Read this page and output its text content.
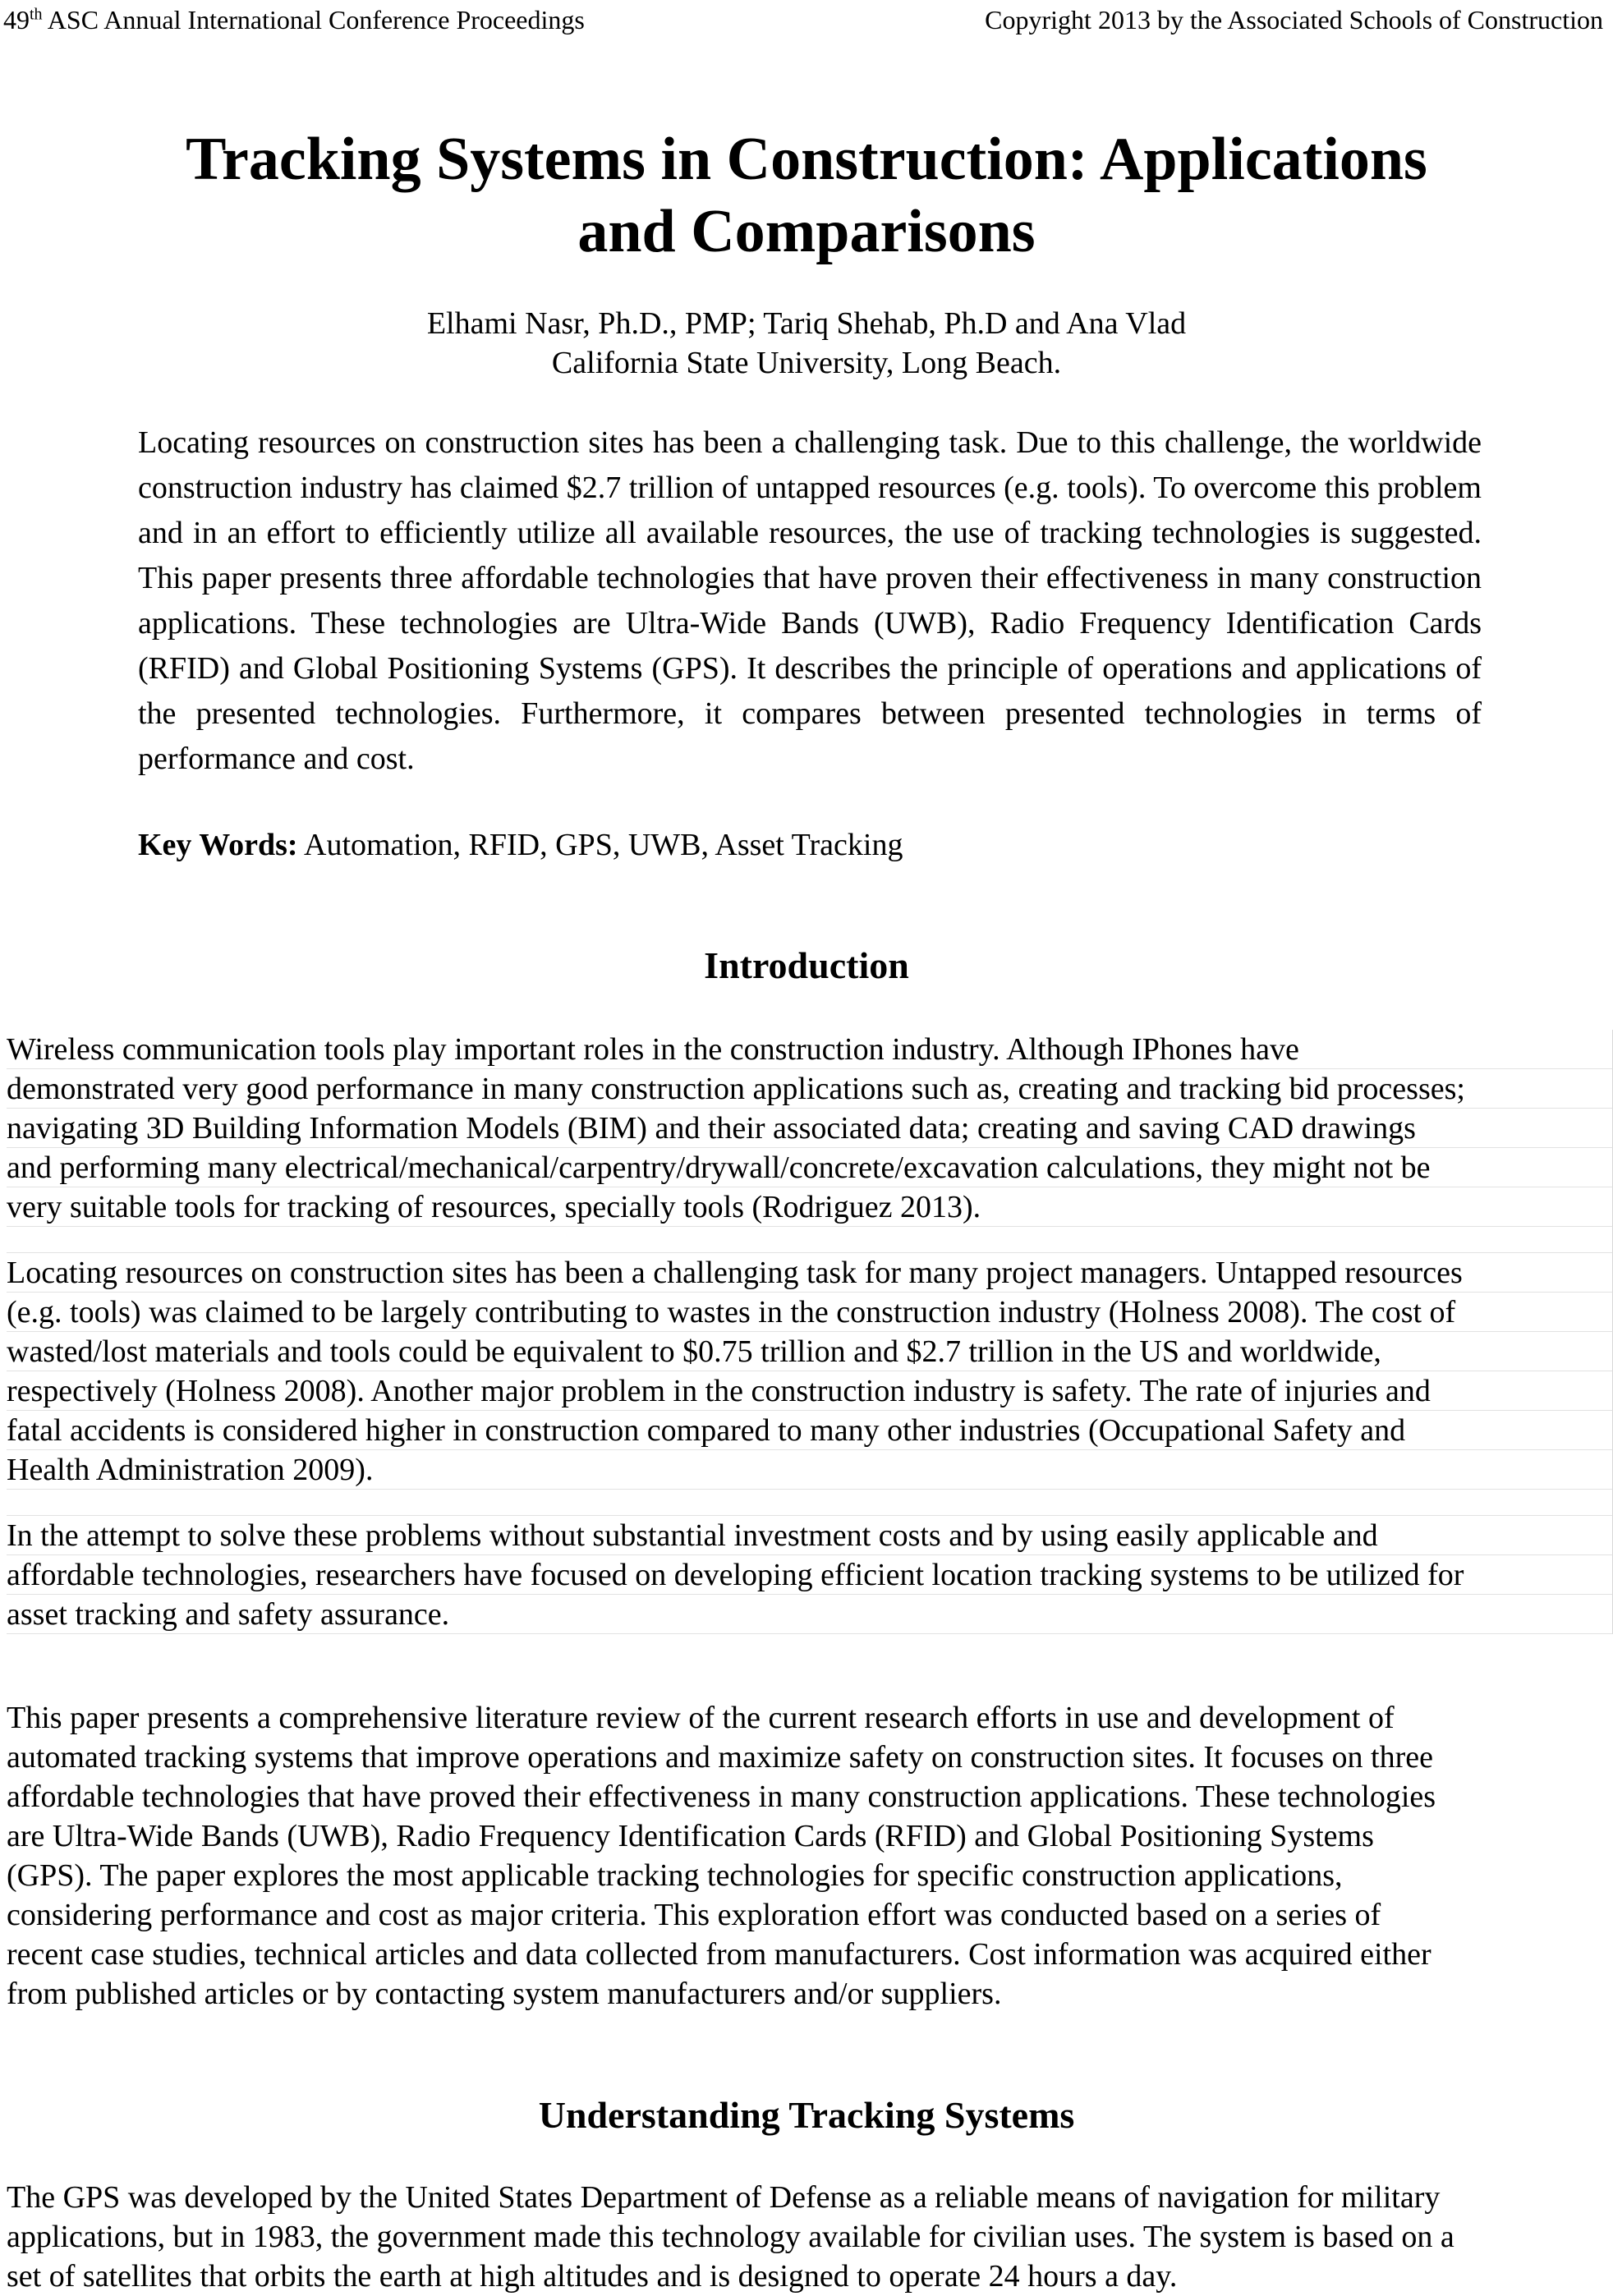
49th ASC Annual International Conference Proceedings	Copyright 2013 by the Associated Schools of Construction
Tracking Systems in Construction: Applications and Comparisons
Elhami Nasr, Ph.D., PMP; Tariq Shehab, Ph.D and Ana Vlad
California State University, Long Beach.

Locating resources on construction sites has been a challenging task. Due to this challenge, the worldwide construction industry has claimed $2.7 trillion of untapped resources (e.g. tools). To overcome this problem and in an effort to efficiently utilize all available resources, the use of tracking technologies is suggested. This paper presents three affordable technologies that have proven their effectiveness in many construction applications. These technologies are Ultra-Wide Bands (UWB), Radio Frequency Identification Cards (RFID) and Global Positioning Systems (GPS). It describes the principle of operations and applications of the presented technologies. Furthermore, it compares between presented technologies in terms of performance and cost.

Key Words: Automation, RFID, GPS, UWB, Asset Tracking
Introduction
Wireless communication tools play important roles in the construction industry. Although IPhones have
demonstrated very good performance in many construction applications such as, creating and tracking bid processes;
navigating 3D Building Information Models (BIM) and their associated data; creating and saving CAD drawings
and performing many electrical/mechanical/carpentry/drywall/concrete/excavation calculations, they might not be
very suitable tools for tracking of resources, specially tools (Rodriguez 2013).
Locating resources on construction sites has been a challenging task for many project managers. Untapped resources
(e.g. tools) was claimed to be largely contributing to wastes in the construction industry (Holness 2008). The cost of
wasted/lost materials and tools could be equivalent to $0.75 trillion and $2.7 trillion in the US and worldwide,
respectively (Holness 2008). Another major problem in the construction industry is safety. The rate of injuries and
fatal accidents is considered higher in construction compared to many other industries (Occupational Safety and
Health Administration 2009).
In the attempt to solve these problems without substantial investment costs and by using easily applicable and
affordable technologies, researchers have focused on developing efficient location tracking systems to be utilized for
asset tracking and safety assurance.
This paper presents a comprehensive literature review of the current research efforts in use and development of
automated tracking systems that improve operations and maximize safety on construction sites. It focuses on three
affordable technologies that have proved their effectiveness in many construction applications. These technologies
are Ultra-Wide Bands (UWB), Radio Frequency Identification Cards (RFID) and Global Positioning Systems
(GPS). The paper explores the most applicable tracking technologies for specific construction applications,
considering performance and cost as major criteria. This exploration effort was conducted based on a series of
recent case studies, technical articles and data collected from manufacturers. Cost information was acquired either
from published articles or by contacting system manufacturers and/or suppliers.
Understanding Tracking Systems
The GPS was developed by the United States Department of Defense as a reliable means of navigation for military
applications, but in 1983, the government made this technology available for civilian uses. The system is based on a
set of satellites that orbits the earth at high altitudes and is designed to operate 24 hours a day.
